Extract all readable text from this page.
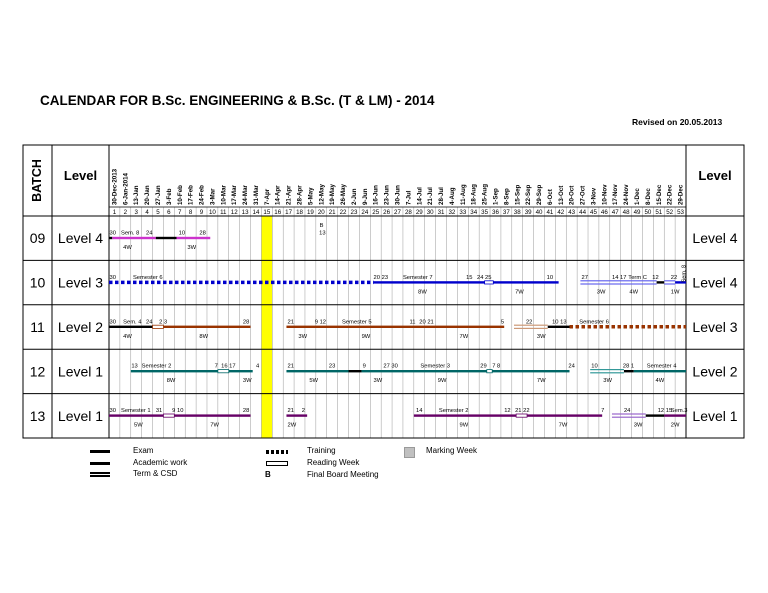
CALENDAR FOR B.Sc. ENGINEERING & B.Sc. (T & LM) - 2014
Revised on 20.05.2013
BATCH Level	Level
30-Dec-2013 6-Jan-2014 13-Jan 20-Jan 27-Jan 3-Feb 10-Feb 17-Feb 24-Feb 3-Mar 10-Mar 17-Mar 24-Mar 31-Mar 7-Apr 14-Apr 21-Apr 28-Apr 5-May 12-May 19-May 26-May 2-Jun 9-Jun 16-Jun 23-Jun 30-Jun 7-Jul 14-Jul 21-Jul 28-Jul 4-Aug 11-Aug 18-Aug 25-Aug 1-Sep 8-Sep 15-Sep 22-Sep 29-Sep 6-Oct 13-Oct 20-Oct 27-Oct 3-Nov 10-Nov 17-Nov 24-Nov 1-Dec 8-Dec 15-Dec 22-Dec 29-Dec
1 2 3 4 5 6 7 8 9 10 11 12 13 14 15 16 17 18 19 20 21 22 23 24 25 26 27 28 29 30 31 32 33 34 35 36 37 38 39 40 41 42 43 44 45 46 47 48 49 50 51 52 53
09 Level 4	Level 4
30 Sem. 8 24	10 28
B
13
4W	3W
10 Level 3	Level 4
30	Semester 6	20 23	Semester 7	15 24 25	10	27	14 17 Term C 12 22
8W	7W	3W	4W	1W
Sem. 8
11 Level 2	Level 3
30 Sem. 4 24 2 3	28	21	9 12	Semester 5	11 20 21	5	22	10 13 Semester 6
4W	8W	3W	9W	7W	3W
12 Level 1	Level 2
13 Semester 2	7 16 17	4	21	23	9	27 30	Semester 3	29 7 8	24	10	28 1 Semester 4
8W	3W	5W	3W	9W	7W	3W	4W
13 Level 1	Level 1
30 Semester 1 31 9 10	28	21 2	14	Semester 2	12 21 22	7	24	12 15
Sem.3
5W	7W	2W	9W	7W	3W	2W
Exam
Academic work
Term & CSD
Training
Reading Week
B	Final Board Meeting
Marking Week
